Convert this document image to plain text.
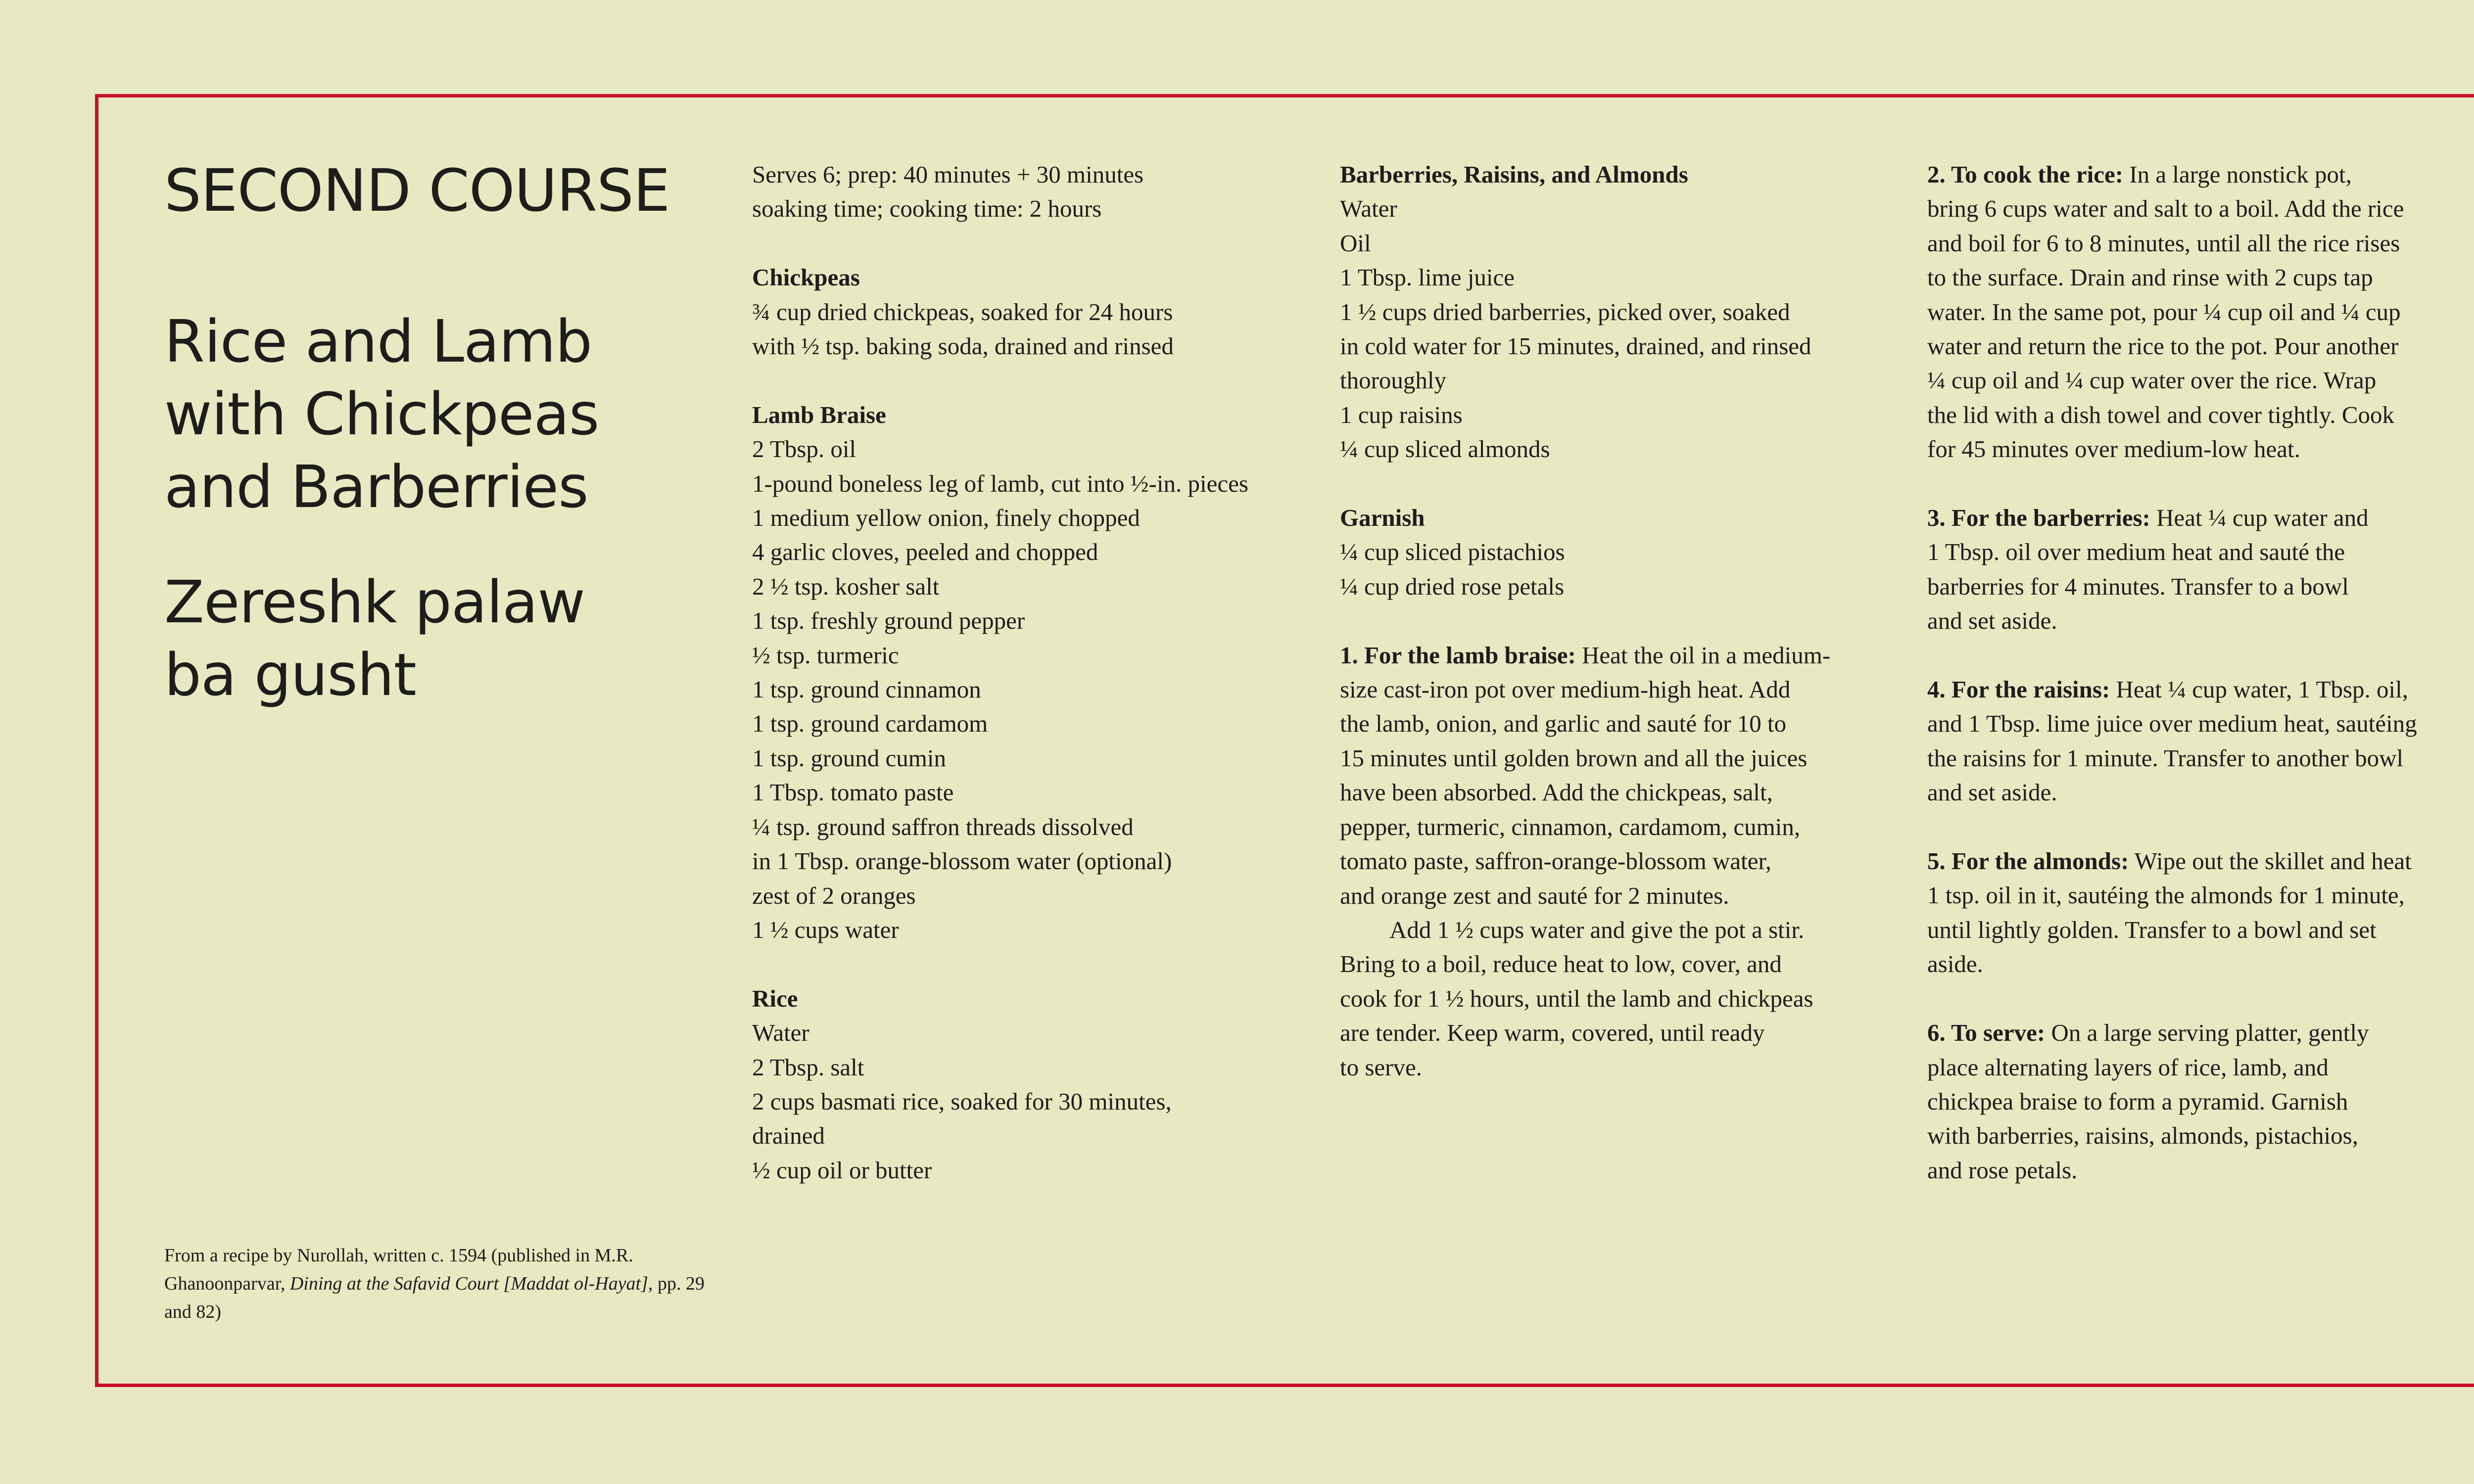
SECOND COURSE
Rice and Lamb
with Chickpeas
and Barberries
Zereshk palaw
ba gusht
From a recipe by Nurollah, written c. 1594 (published in M.R. Ghanoonparvar, Dining at the Safavid Court [Maddat ol-Hayat], pp. 29 and 82)
Serves 6; prep: 40 minutes + 30 minutes
soaking time; cooking time: 2 hours
Chickpeas
¾ cup dried chickpeas, soaked for 24 hours
with ½ tsp. baking soda, drained and rinsed
Lamb Braise
2 Tbsp. oil
1-pound boneless leg of lamb, cut into ½-in. pieces
1 medium yellow onion, finely chopped
4 garlic cloves, peeled and chopped
2 ½ tsp. kosher salt
1 tsp. freshly ground pepper
½ tsp. turmeric
1 tsp. ground cinnamon
1 tsp. ground cardamom
1 tsp. ground cumin
1 Tbsp. tomato paste
¼ tsp. ground saffron threads dissolved
in 1 Tbsp. orange-blossom water (optional)
zest of 2 oranges
1 ½ cups water
Rice
Water
2 Tbsp. salt
2 cups basmati rice, soaked for 30 minutes,
drained
½ cup oil or butter
Barberries, Raisins, and Almonds
Water
Oil
1 Tbsp. lime juice
1 ½ cups dried barberries, picked over, soaked
in cold water for 15 minutes, drained, and rinsed
thoroughly
1 cup raisins
¼ cup sliced almonds
Garnish
¼ cup sliced pistachios
¼ cup dried rose petals
1. For the lamb braise: Heat the oil in a medium-
size cast-iron pot over medium-high heat. Add
the lamb, onion, and garlic and sauté for 10 to
15 minutes until golden brown and all the juices
have been absorbed. Add the chickpeas, salt,
pepper, turmeric, cinnamon, cardamom, cumin,
tomato paste, saffron-orange-blossom water,
and orange zest and sauté for 2 minutes.
Add 1 ½ cups water and give the pot a stir.
Bring to a boil, reduce heat to low, cover, and
cook for 1 ½ hours, until the lamb and chickpeas
are tender. Keep warm, covered, until ready
to serve.
2. To cook the rice: In a large nonstick pot,
bring 6 cups water and salt to a boil. Add the rice
and boil for 6 to 8 minutes, until all the rice rises
to the surface. Drain and rinse with 2 cups tap
water. In the same pot, pour ¼ cup oil and ¼ cup
water and return the rice to the pot. Pour another
¼ cup oil and ¼ cup water over the rice. Wrap
the lid with a dish towel and cover tightly. Cook
for 45 minutes over medium-low heat.
3. For the barberries: Heat ¼ cup water and
1 Tbsp. oil over medium heat and sauté the
barberries for 4 minutes. Transfer to a bowl
and set aside.
4. For the raisins: Heat ¼ cup water, 1 Tbsp. oil,
and 1 Tbsp. lime juice over medium heat, sautéing
the raisins for 1 minute. Transfer to another bowl
and set aside.
5. For the almonds: Wipe out the skillet and heat
1 tsp. oil in it, sautéing the almonds for 1 minute,
until lightly golden. Transfer to a bowl and set
aside.
6. To serve: On a large serving platter, gently
place alternating layers of rice, lamb, and
chickpea braise to form a pyramid. Garnish
with barberries, raisins, almonds, pistachios,
and rose petals.
